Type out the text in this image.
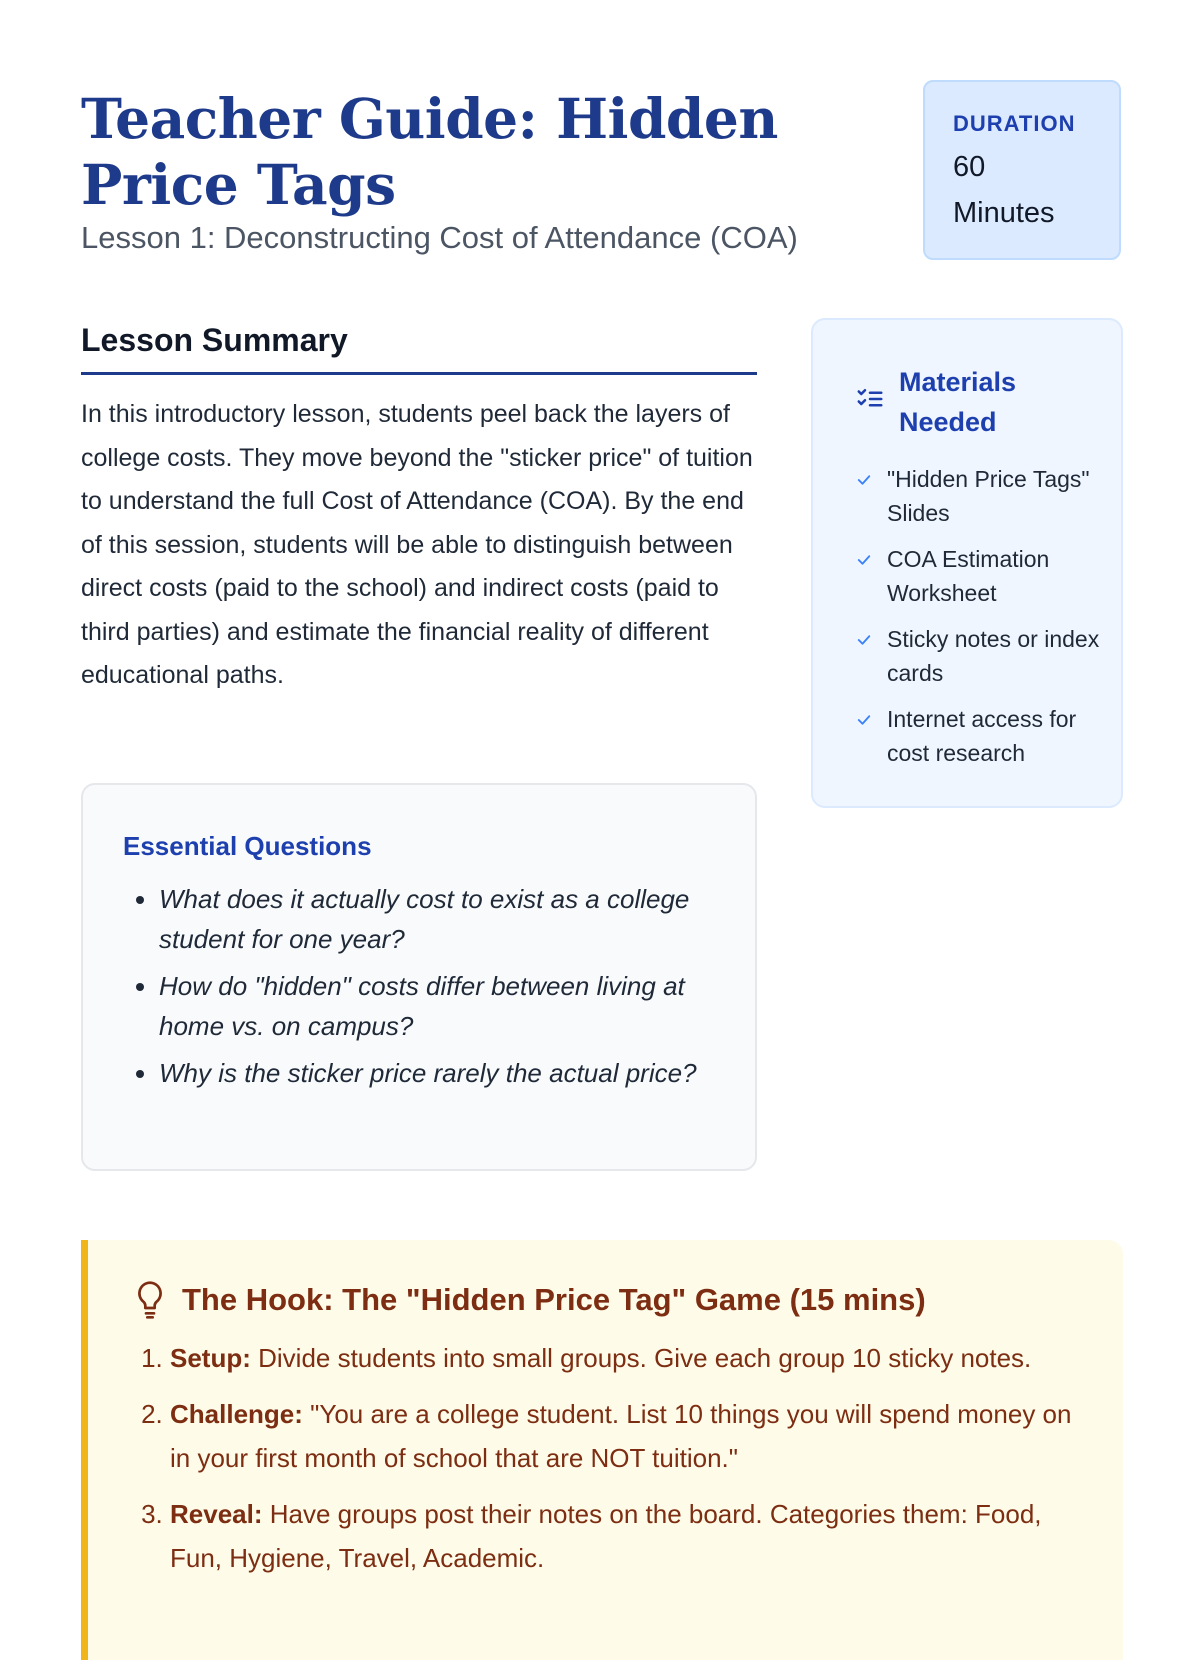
Teacher Guide: Hidden Price Tags
Lesson 1: Deconstructing Cost of Attendance (COA)
DURATION
60 Minutes
Lesson Summary

In this introductory lesson, students peel back the layers of college costs. They move beyond the "sticker price" of tuition to understand the full Cost of Attendance (COA). By the end of this session, students will be able to distinguish between direct costs (paid to the school) and indirect costs (paid to third parties) and estimate the financial reality of different educational paths.

Essential Questions
• What does it actually cost to exist as a college student for one year?
• How do "hidden" costs differ between living at home vs. on campus?
• Why is the sticker price rarely the actual price?
Materials Needed
"Hidden Price Tags" Slides
COA Estimation Worksheet
Sticky notes or index cards
Internet access for cost research
The Hook: The "Hidden Price Tag" Game (15 mins)
1. Setup: Divide students into small groups. Give each group 10 sticky notes.
2. Challenge: "You are a college student. List 10 things you will spend money on in your first month of school that are NOT tuition."
3. Reveal: Have groups post their notes on the board. Categories them: Food, Fun, Hygiene, Travel, Academic.
